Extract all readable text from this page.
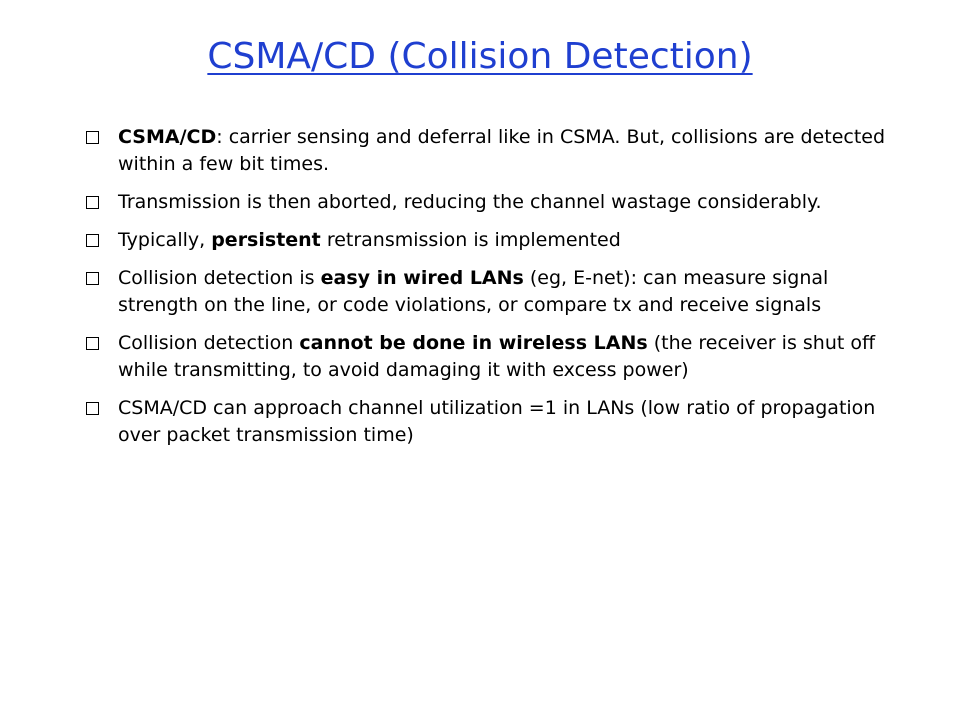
CSMA/CD (Collision Detection)
CSMA/CD: carrier sensing and deferral like in CSMA. But, collisions are detected within a few bit times.
Transmission is then aborted, reducing the channel wastage considerably.
Typically, persistent retransmission is implemented
Collision detection is easy in wired LANs (eg, E-net): can measure signal strength on the line, or code violations, or compare tx and receive signals
Collision detection cannot be done in wireless LANs (the receiver is shut off while transmitting, to avoid damaging it with excess power)
CSMA/CD can approach channel utilization =1 in LANs (low ratio of propagation over packet transmission time)
